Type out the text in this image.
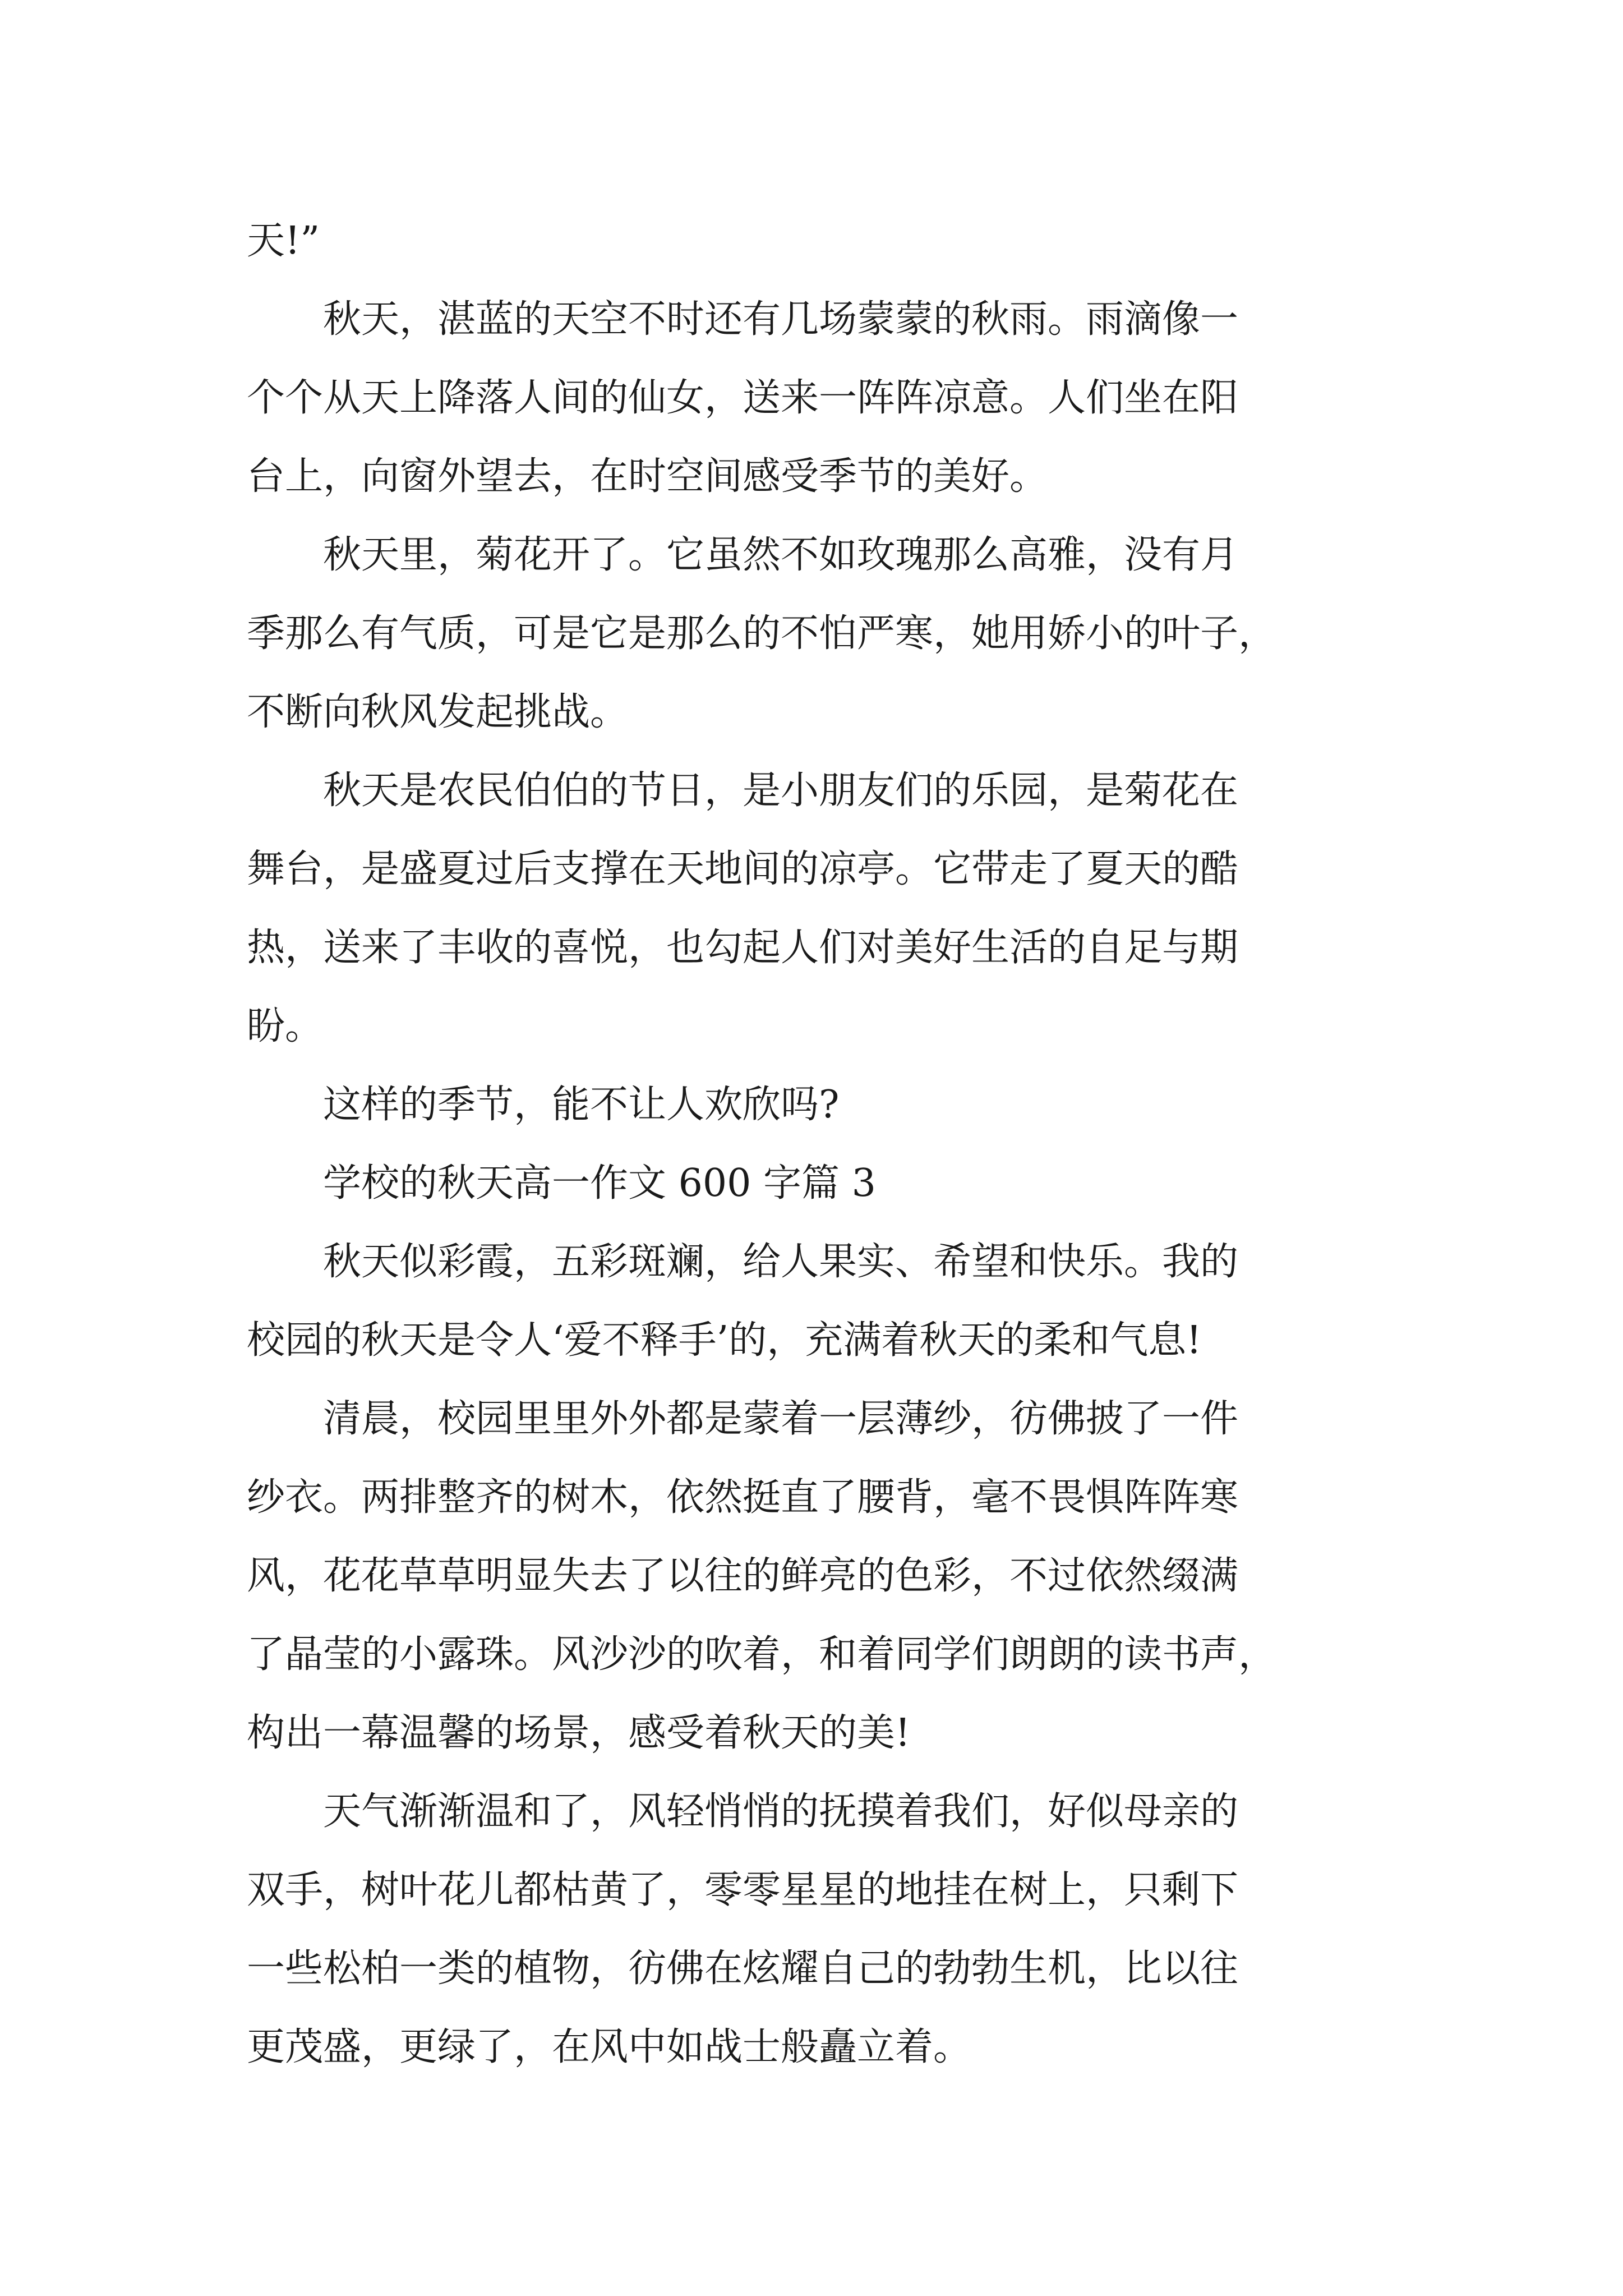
天!”

秋天，湛蓝的天空不时还有几场蒙蒙的秋雨。雨滴像一
个个从天上降落人间的仙女，送来一阵阵凉意。人们坐在阳
台上，向窗外望去，在时空间感受季节的美好。

秋天里，菊花开了。它虽然不如玫瑰那么高雅，没有月
季那么有气质，可是它是那么的不怕严寒，她用娇小的叶子，
不断向秋风发起挑战。

秋天是农民伯伯的节日，是小朋友们的乐园，是菊花在
舞台，是盛夏过后支撑在天地间的凉亭。它带走了夏天的酷
热，送来了丰收的喜悦，也勾起人们对美好生活的自足与期
盼。

这样的季节，能不让人欢欣吗?

学校的秋天高一作文 600 字篇 3

秋天似彩霞，五彩斑斓，给人果实、希望和快乐。我的
校园的秋天是令人‘爱不释手’的，充满着秋天的柔和气息!

清晨，校园里里外外都是蒙着一层薄纱，彷佛披了一件
纱衣。两排整齐的树木，依然挺直了腰背，毫不畏惧阵阵寒
风，花花草草明显失去了以往的鲜亮的色彩，不过依然缀满
了晶莹的小露珠。风沙沙的吹着，和着同学们朗朗的读书声，
构出一幕温馨的场景，感受着秋天的美!

天气渐渐温和了，风轻悄悄的抚摸着我们，好似母亲的
双手，树叶花儿都枯黄了，零零星星的地挂在树上，只剩下
一些松柏一类的植物，彷佛在炫耀自己的勃勃生机，比以往
更茂盛，更绿了，在风中如战士般矗立着。
